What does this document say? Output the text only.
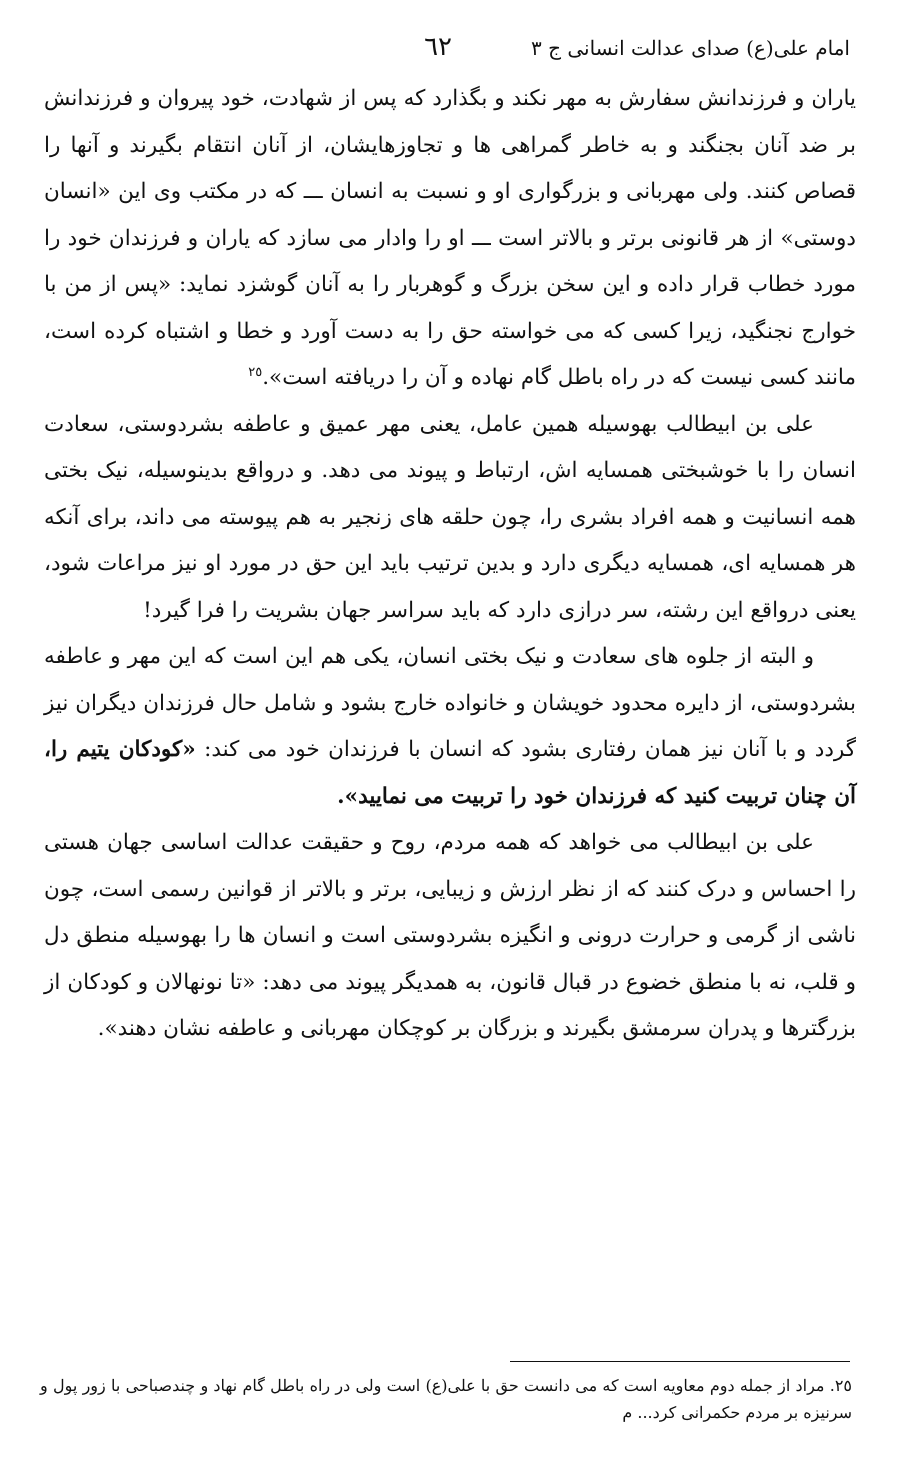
امام علی(ع) صدای عدالت انسانی ج ٣
٦٢

یاران و فرزندانش سفارش به مهر نکند و بگذارد که پس از شهادت، خود پیروان و فرزندانش بر ضد آنان بجنگند و به خاطر گمراهی ها و تجاوزهایشان، از آنان انتقام بگیرند و آنها را قصاص کنند. ولی مهربانی و بزرگواری او و نسبت به انسان ـــ که در مکتب وی این «انسان دوستی» از هر قانونی برتر و بالاتر است ـــ او را وادار می سازد که یاران و فرزندان خود را مورد خطاب قرار داده و این سخن بزرگ و گوهربار را به آنان گوشزد نماید: «پس از من با خوارج نجنگید، زیرا کسی که می خواسته حق را به دست آورد و خطا و اشتباه کرده است، مانند کسی نیست که در راه باطل گام نهاده و آن را دریافته است».$^{٢٥}$

علی بن ابیطالب بهوسیله همین عامل، یعنی مهر عمیق و عاطفه بشردوستی، سعادت انسان را با خوشبختی همسایه اش، ارتباط و پیوند می دهد. و درواقع بدینوسیله، نیک بختی همه انسانیت و همه افراد بشری را، چون حلقه های زنجیر به هم پیوسته می داند، برای آنکه هر همسایه ای، همسایه دیگری دارد و بدین ترتیب باید این حق در مورد او نیز مراعات شود، یعنی درواقع این رشته، سر درازی دارد که باید سراسر جهان بشریت را فرا گیرد!

و البته از جلوه های سعادت و نیک بختی انسان، یکی هم این است که این مهر و عاطفه بشردوستی، از دایره محدود خویشان و خانواده خارج بشود و شامل حال فرزندان دیگران نیز گردد و با آنان نیز همان رفتاری بشود که انسان با فرزندان خود می کند: «کودکان یتیم را، آن چنان تربیت کنید که فرزندان خود را تربیت می نمایید».

علی بن ابیطالب می خواهد که همه مردم، روح و حقیقت عدالت اساسی جهان هستی را احساس و درک کنند که از نظر ارزش و زیبایی، برتر و بالاتر از قوانین رسمی است، چون ناشی از گرمی و حرارت درونی و انگیزه بشردوستی است و انسان ها را بهوسیله منطق دل و قلب، نه با منطق خضوع در قبال قانون، به همدیگر پیوند می دهد: «تا نونهالان و کودکان از بزرگترها و پدران سرمشق بگیرند و بزرگان بر کوچکان مهربانی و عاطفه نشان دهند».

٢٥. مراد از جمله دوم معاویه است که می دانست حق با علی(ع) است ولی در راه باطل گام نهاد و چندصباحی با زور پول و سرنیزه بر مردم حکمرانی کرد... م
